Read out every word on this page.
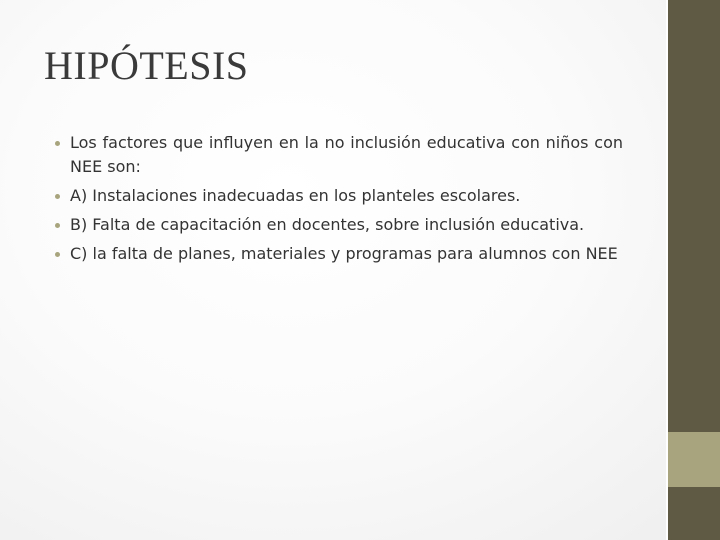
HIPÓTESIS
Los factores que influyen en la no inclusión educativa con niños con NEE son:
A) Instalaciones inadecuadas en los planteles escolares.
B) Falta de capacitación en docentes, sobre inclusión educativa.
C) la falta de planes, materiales y programas para alumnos con NEE
